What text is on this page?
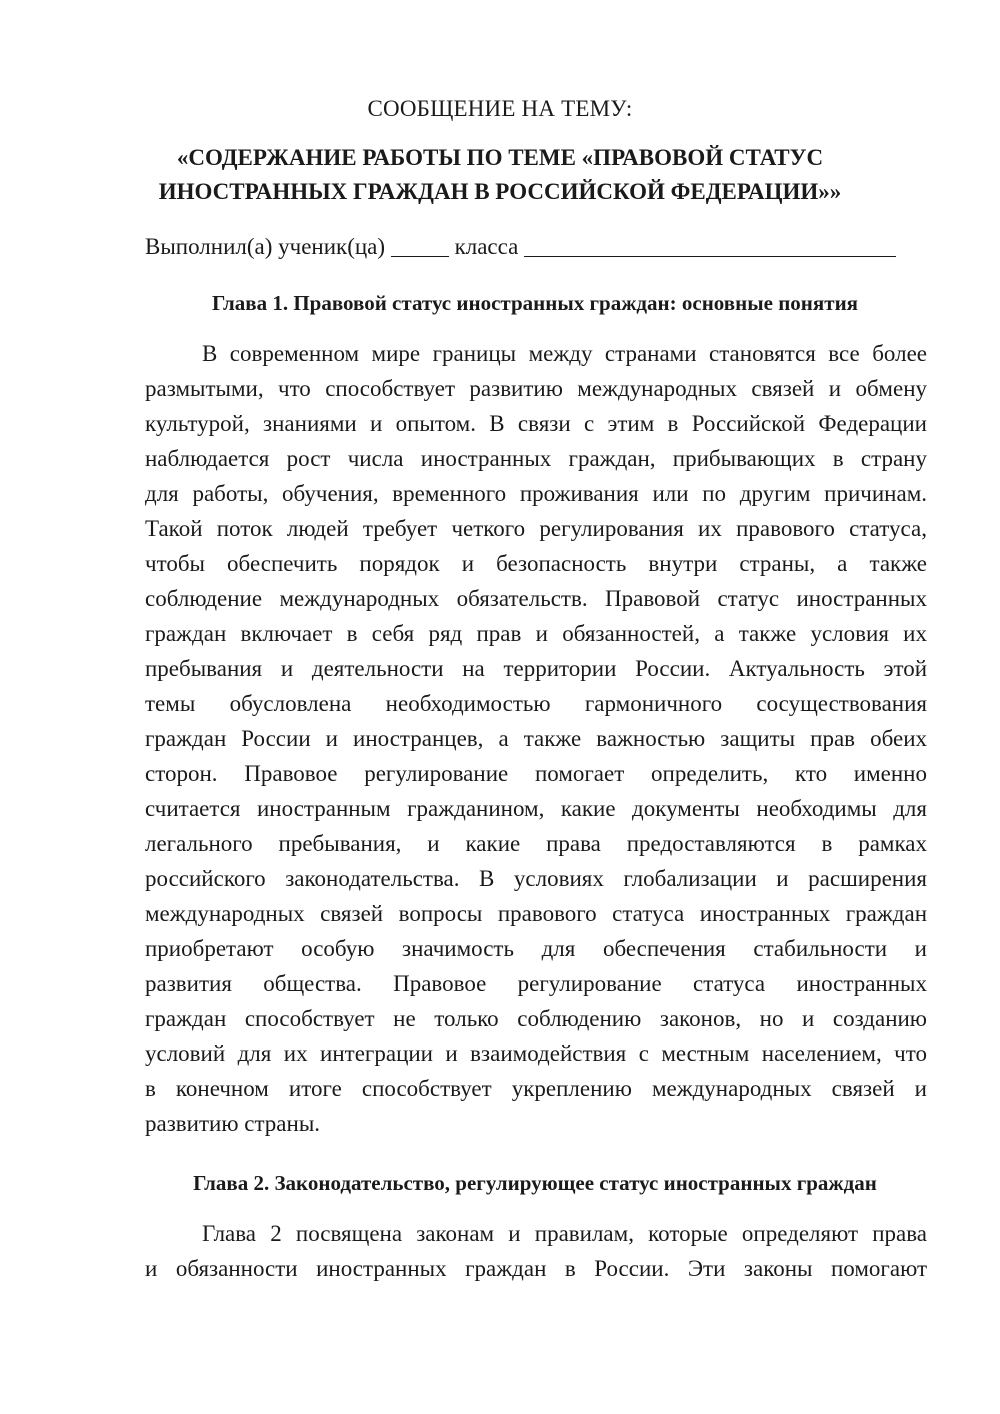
СООБЩЕНИЕ НА ТЕМУ:
«СОДЕРЖАНИЕ РАБОТЫ ПО ТЕМЕ «ПРАВОВОЙ СТАТУС
ИНОСТРАННЫХ ГРАЖДАН В РОССИЙСКОЙ ФЕДЕРАЦИИ»»
Выполнил(а) ученик(ца)	класса
Глава 1. Правовой статус иностранных граждан: основные понятия
В современном мире границы между странами становятся все более
размытыми, что способствует развитию международных связей и обмену
культурой, знаниями и опытом. В связи с этим в Российской Федерации
наблюдается рост числа иностранных граждан, прибывающих в страну
для работы, обучения, временного проживания или по другим причинам.
Такой поток людей требует четкого регулирования их правового статуса,
чтобы обеспечить порядок и безопасность внутри страны, а также
соблюдение международных обязательств. Правовой статус иностранных
граждан включает в себя ряд прав и обязанностей, а также условия их
пребывания и деятельности на территории России. Актуальность этой
темы обусловлена необходимостью гармоничного сосуществования
граждан России и иностранцев, а также важностью защиты прав обеих
сторон. Правовое регулирование помогает определить, кто именно
считается иностранным гражданином, какие документы необходимы для
легального пребывания, и какие права предоставляются в рамках
российского законодательства. В условиях глобализации и расширения
международных связей вопросы правового статуса иностранных граждан
приобретают особую значимость для обеспечения стабильности и
развития общества. Правовое регулирование статуса иностранных
граждан способствует не только соблюдению законов, но и созданию
условий для их интеграции и взаимодействия с местным населением, что
в конечном итоге способствует укреплению международных связей и
развитию страны.
Глава 2. Законодательство, регулирующее статус иностранных граждан
Глава 2 посвящена законам и правилам, которые определяют права
и обязанности иностранных граждан в России. Эти законы помогают
